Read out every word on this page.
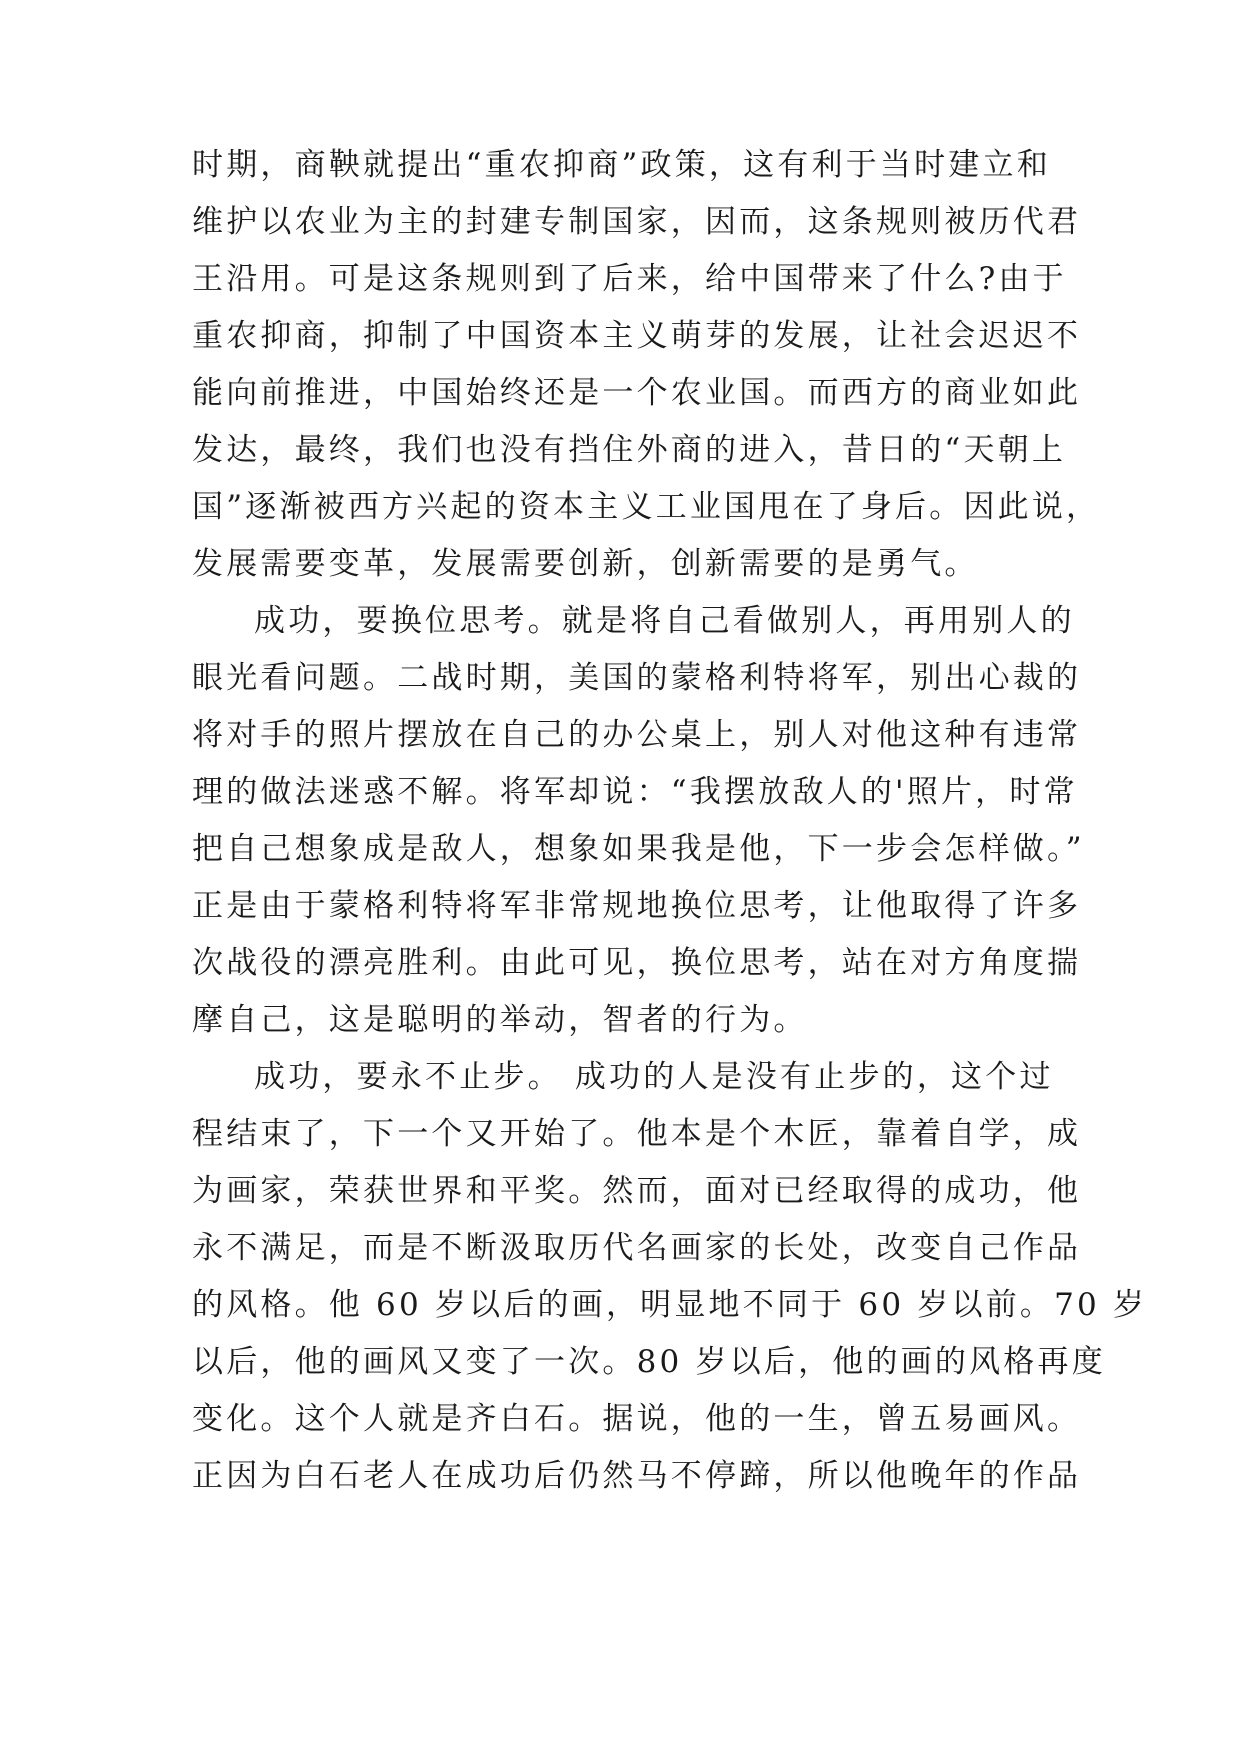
时期，商鞅就提出“重农抑商”政策，这有利于当时建立和
维护以农业为主的封建专制国家，因而，这条规则被历代君
王沿用。可是这条规则到了后来，给中国带来了什么?由于
重农抑商，抑制了中国资本主义萌芽的发展，让社会迟迟不
能向前推进，中国始终还是一个农业国。而西方的商业如此
发达，最终，我们也没有挡住外商的进入，昔日的“天朝上
国”逐渐被西方兴起的资本主义工业国甩在了身后。因此说，
发展需要变革，发展需要创新，创新需要的是勇气。
成功，要换位思考。就是将自己看做别人，再用别人的
眼光看问题。二战时期，美国的蒙格利特将军，别出心裁的
将对手的照片摆放在自己的办公桌上，别人对他这种有违常
理的做法迷惑不解。将军却说：“我摆放敌人的'照片，时常
把自己想象成是敌人，想象如果我是他，下一步会怎样做。”
正是由于蒙格利特将军非常规地换位思考，让他取得了许多
次战役的漂亮胜利。由此可见，换位思考，站在对方角度揣
摩自己，这是聪明的举动，智者的行为。
成功，要永不止步。 成功的人是没有止步的，这个过
程结束了，下一个又开始了。他本是个木匠，靠着自学，成
为画家，荣获世界和平奖。然而，面对已经取得的成功，他
永不满足，而是不断汲取历代名画家的长处，改变自己作品
的风格。他 60 岁以后的画，明显地不同于 60 岁以前。70 岁
以后，他的画风又变了一次。80 岁以后，他的画的风格再度
变化。这个人就是齐白石。据说，他的一生，曾五易画风。
正因为白石老人在成功后仍然马不停蹄，所以他晚年的作品
